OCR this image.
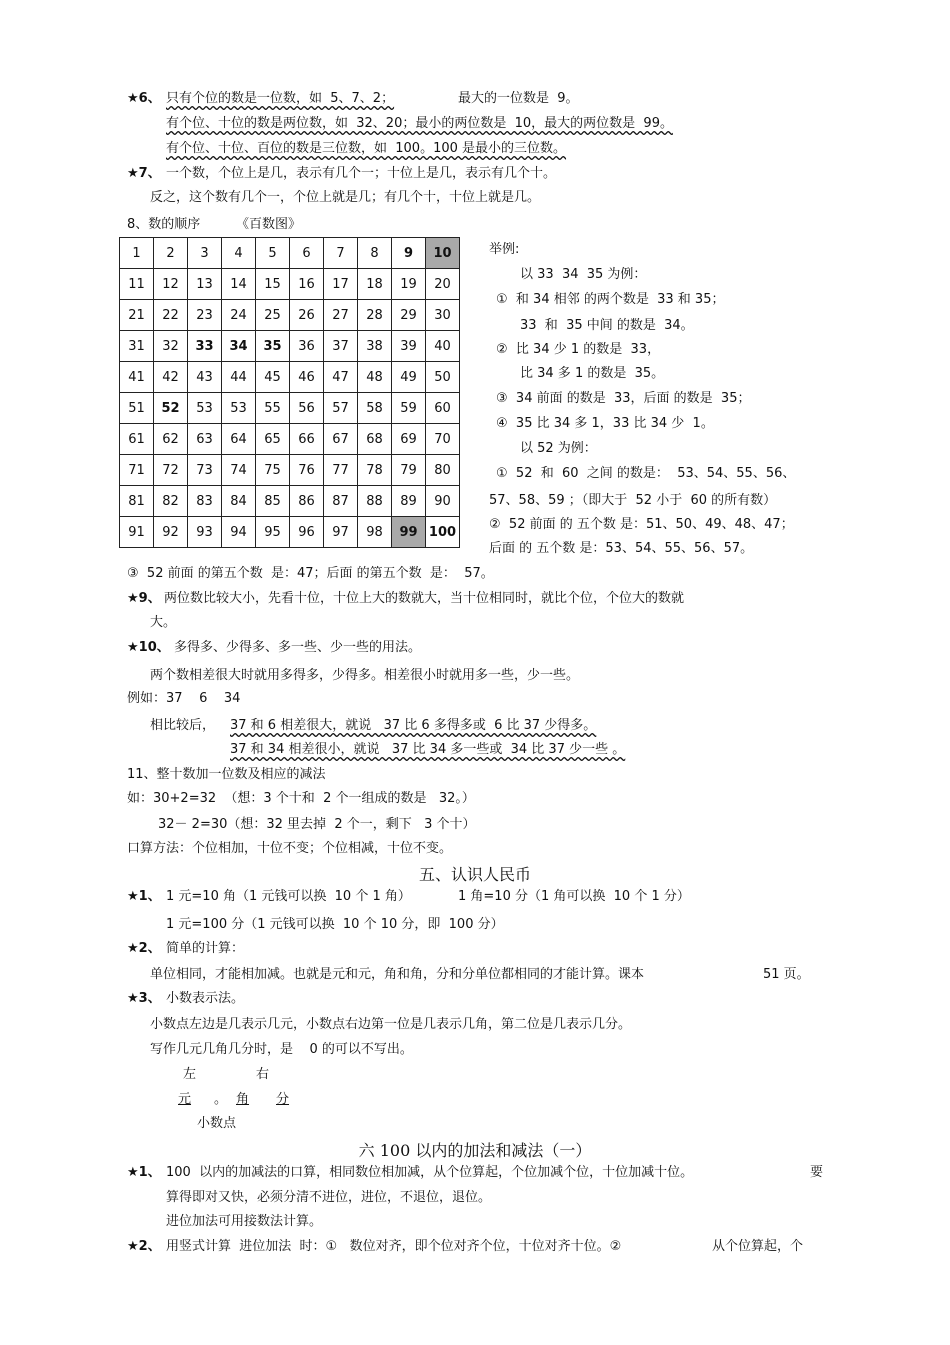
★6、 只有个位的数是一位数，如  5、7、2；	最大的一位数是  9。
有个位、十位的数是两位数，如  32、20；最小的两位数是  10，最大的两位数是  99。
有个位、十位、百位的数是三位数，如  100。100 是最小的三位数。
★7、 一个数，个位上是几，表示有几个一；十位上是几，表示有几个十。
反之，这个数有几个一，个位上就是几；有几个十，十位上就是几。
8、数的顺序	《百数图》
1	2	3	4	5	6	7	8	9	10
11	12	13	14	15	16	17	18	19	20
21	22	23	24	25	26	27	28	29	30
31	32	33	34	35	36	37	38	39	40
41	42	43	44	45	46	47	48	49	50
51	52	53	53	55	56	57	58	59	60
61	62	63	64	65	66	67	68	69	70
71	72	73	74	75	76	77	78	79	80
81	82	83	84	85	86	87	88	89	90
91	92	93	94	95	96	97	98	99	100
举例:
以 33  34  35 为例：
①  和 34 相邻 的两个数是  33 和 35；
33  和  35 中间 的数是  34。
②  比 34 少 1 的数是  33，
比 34 多 1 的数是  35。
③  34 前面 的数是  33，后面 的数是  35；
④  35 比 34 多 1，33 比 34 少  1。
以 52 为例：
①  52  和  60  之间 的数是：  53、54、55、56、
57、58、59 ；（即大于  52 小于  60 的所有数）
②  52 前面 的 五个数 是：51、50、49、48、47；
后面 的 五个数 是：53、54、55、56、57。
③  52 前面 的第五个数  是：47；后面 的第五个数  是：  57。
★9、 两位数比较大小，先看十位，十位上大的数就大，当十位相同时，就比个位，个位大的数就
大。
★10、 多得多、少得多、多一些、少一些的用法。
两个数相差很大时就用多得多，少得多。相差很小时就用多一些，少一些。
例如：37    6    34
相比较后， 37 和 6 相差很大，就说   37 比 6 多得多或  6 比 37 少得多。
37 和 34 相差很小，就说   37 比 34 多一些或  34 比 37 少一些 。
11、整十数加一位数及相应的减法
如：30+2=32  （想：3 个十和  2 个一组成的数是   32。）
32－ 2=30（想：32 里去掉  2 个一，剩下   3 个十）
口算方法：个位相加，十位不变；个位相减，十位不变。
五、认识人民币
★1、 1 元=10 角（1 元钱可以换  10 个 1 角）	1 角=10 分（1 角可以换  10 个 1 分）
1 元=100 分（1 元钱可以换  10 个 10 分，即  100 分）
★2、 简单的计算：
单位相同，才能相加减。也就是元和元，角和角，分和分单位都相同的才能计算。课本	51 页。
★3、 小数表示法。
小数点左边是几表示几元，小数点右边第一位是几表示几角，第二位是几表示几分。
写作几元几角几分时，是    0 的可以不写出。
左	右
元 。 角 分
小数点
六 100 以内的加法和减法（一）
★1、 100  以内的加减法的口算，相同数位相加减，从个位算起，个位加减个位，十位加减十位。	要
算得即对又快，必须分清不进位，进位，不退位，退位。
进位加法可用接数法计算。
★2、 用竖式计算  进位加法  时：①   数位对齐，即个位对齐个位，十位对齐十位。②	从个位算起，个
